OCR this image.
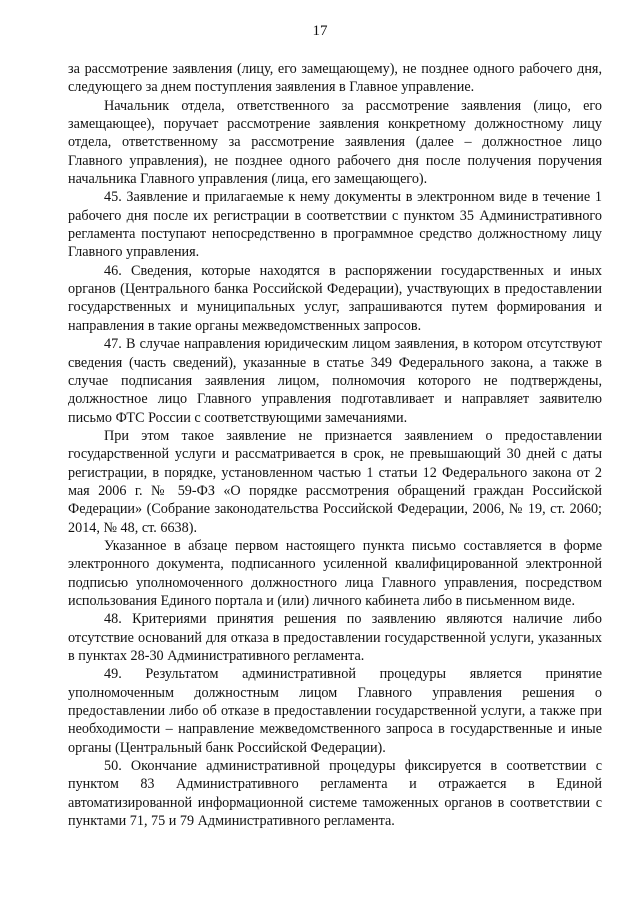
17

за рассмотрение заявления (лицу, его замещающему), не позднее одного рабочего дня, следующего за днем поступления заявления в Главное управление.

Начальник отдела, ответственного за рассмотрение заявления (лицо, его замещающее), поручает рассмотрение заявления конкретному должностному лицу отдела, ответственному за рассмотрение заявления (далее – должностное лицо Главного управления), не позднее одного рабочего дня после получения поручения начальника Главного управления (лица, его замещающего).

45. Заявление и прилагаемые к нему документы в электронном виде в течение 1 рабочего дня после их регистрации в соответствии с пунктом 35 Административного регламента поступают непосредственно в программное средство должностному лицу Главного управления.

46. Сведения, которые находятся в распоряжении государственных и иных органов (Центрального банка Российской Федерации), участвующих в предоставлении государственных и муниципальных услуг, запрашиваются путем формирования и направления в такие органы межведомственных запросов.

47. В случае направления юридическим лицом заявления, в котором отсутствуют сведения (часть сведений), указанные в статье 349 Федерального закона, а также в случае подписания заявления лицом, полномочия которого не подтверждены, должностное лицо Главного управления подготавливает и направляет заявителю письмо ФТС России с соответствующими замечаниями.

При этом такое заявление не признается заявлением о предоставлении государственной услуги и рассматривается в срок, не превышающий 30 дней с даты регистрации, в порядке, установленном частью 1 статьи 12 Федерального закона от 2 мая 2006 г. № 59-ФЗ «О порядке рассмотрения обращений граждан Российской Федерации» (Собрание законодательства Российской Федерации, 2006, № 19, ст. 2060; 2014, № 48, ст. 6638).

Указанное в абзаце первом настоящего пункта письмо составляется в форме электронного документа, подписанного усиленной квалифицированной электронной подписью уполномоченного должностного лица Главного управления, посредством использования Единого портала и (или) личного кабинета либо в письменном виде.

48. Критериями принятия решения по заявлению являются наличие либо отсутствие оснований для отказа в предоставлении государственной услуги, указанных в пунктах 28-30 Административного регламента.

49. Результатом административной процедуры является принятие уполномоченным должностным лицом Главного управления решения о предоставлении либо об отказе в предоставлении государственной услуги, а также при необходимости – направление межведомственного запроса в государственные и иные органы (Центральный банк Российской Федерации).

50. Окончание административной процедуры фиксируется в соответствии с пунктом 83 Административного регламента и отражается в Единой автоматизированной информационной системе таможенных органов в соответствии с пунктами 71, 75 и 79 Административного регламента.
